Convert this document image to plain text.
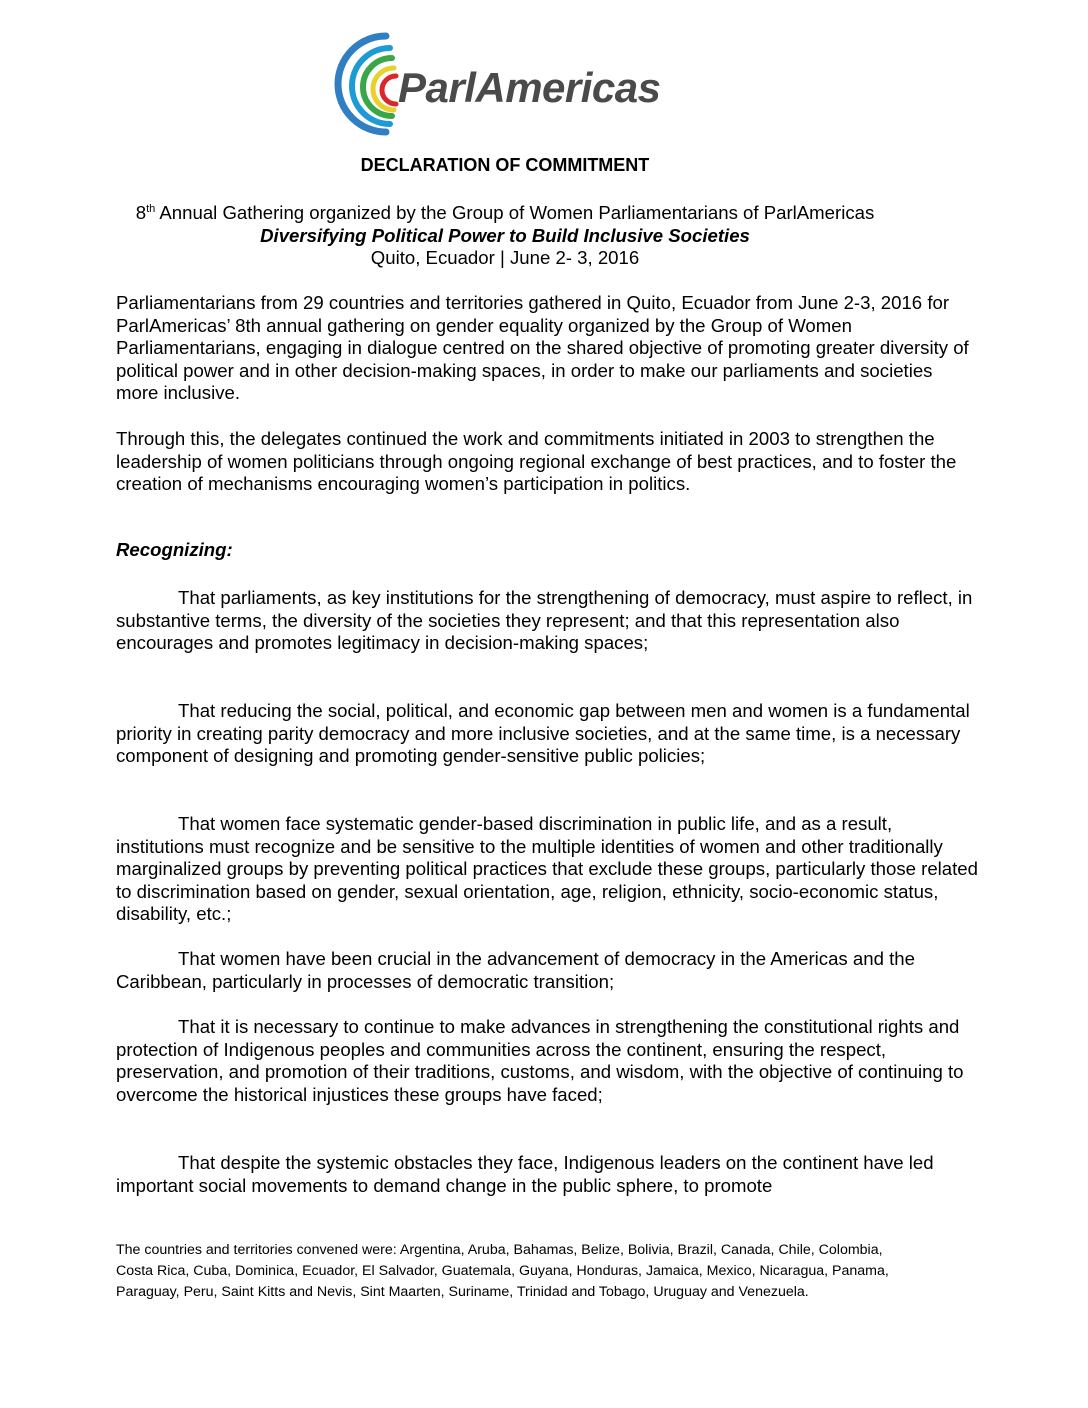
ParlAmericas
DECLARATION OF COMMITMENT
8th Annual Gathering organized by the Group of Women Parliamentarians of ParlAmericas
Diversifying Political Power to Build Inclusive Societies
Quito, Ecuador | June 2- 3, 2016

Parliamentarians from 29 countries and territories gathered in Quito, Ecuador from June 2-3, 2016 for ParlAmericas’ 8th annual gathering on gender equality organized by the Group of Women Parliamentarians, engaging in dialogue centred on the shared objective of promoting greater diversity of political power and in other decision-making spaces, in order to make our parliaments and societies more inclusive.

Through this, the delegates continued the work and commitments initiated in 2003 to strengthen the leadership of women politicians through ongoing regional exchange of best practices, and to foster the creation of mechanisms encouraging women’s participation in politics.

Recognizing:

That parliaments, as key institutions for the strengthening of democracy, must aspire to reflect, in substantive terms, the diversity of the societies they represent; and that this representation also encourages and promotes legitimacy in decision-making spaces;

That reducing the social, political, and economic gap between men and women is a fundamental priority in creating parity democracy and more inclusive societies, and at the same time, is a necessary component of designing and promoting gender-sensitive public policies;

That women face systematic gender-based discrimination in public life, and as a result, institutions must recognize and be sensitive to the multiple identities of women and other traditionally marginalized groups by preventing political practices that exclude these groups, particularly those related to discrimination based on gender, sexual orientation, age, religion, ethnicity, socio-economic status, disability, etc.;

That women have been crucial in the advancement of democracy in the Americas and the Caribbean, particularly in processes of democratic transition;

That it is necessary to continue to make advances in strengthening the constitutional rights and protection of Indigenous peoples and communities across the continent, ensuring the respect, preservation, and promotion of their traditions, customs, and wisdom, with the objective of continuing to overcome the historical injustices these groups have faced;

That despite the systemic obstacles they face, Indigenous leaders on the continent have led important social movements to demand change in the public sphere, to promote

The countries and territories convened were: Argentina, Aruba, Bahamas, Belize, Bolivia, Brazil, Canada, Chile, Colombia, Costa Rica, Cuba, Dominica, Ecuador, El Salvador, Guatemala, Guyana, Honduras, Jamaica, Mexico, Nicaragua, Panama, Paraguay, Peru, Saint Kitts and Nevis, Sint Maarten, Suriname, Trinidad and Tobago, Uruguay and Venezuela.
